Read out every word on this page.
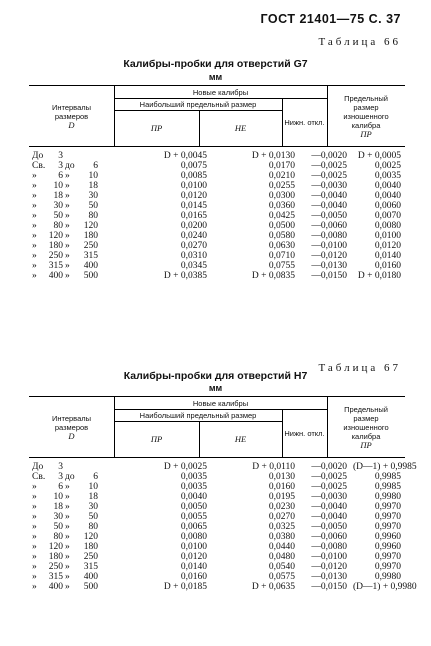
ГОСТ 21401—75 С. 37
Таблица 66
Калибры-пробки для отверстий G7
мм
Интервалы размеров
D
Новые калибры
Наибольший предельный размер
ПР	НЕ
Нижн. откл.
Предельный размер изношенного калибра
ПР
До	3	D + 0,0045	D + 0,0130	—0,0020	D + 0,0005
Св.	3 до	6	0,0075	0,0170	—0,0025	0,0025
»	6 »	10	0,0085	0,0210	—0,0025	0,0035
»	10 »	18	0,0100	0,0255	—0,0030	0,0040
»	18 »	30	0,0120	0,0300	—0,0040	0,0040
»	30 »	50	0,0145	0,0360	—0,0040	0,0060
»	50 »	80	0,0165	0,0425	—0,0050	0,0070
»	80 »	120	0,0200	0,0500	—0,0060	0,0080
»	120 »	180	0,0240	0,0580	—0,0080	0,0100
»	180 »	250	0,0270	0,0630	—0,0100	0,0120
»	250 »	315	0,0310	0,0710	—0,0120	0,0140
»	315 »	400	0,0345	0,0755	—0,0130	0,0160
»	400 »	500	D + 0,0385	D + 0,0835	—0,0150	D + 0,0180
Таблица 67
Калибры-пробки для отверстий H7
мм
Интервалы размеров
D
Новые калибры
Наибольший предельный размер
ПР	НЕ
Нижн. откл.
Предельный размер изношенного калибра
ПР
До	3	D + 0,0025	D + 0,0110	—0,0020 (D—1) + 0,9985
Св.	3 до	6	0,0035	0,0130	—0,0025	0,9985
»	6 »	10	0,0035	0,0160	—0,0025	0,9985
»	10 »	18	0,0040	0,0195	—0,0030	0,9980
»	18 »	30	0,0050	0,0230	—0,0040	0,9970
»	30 »	50	0,0055	0,0270	—0,0040	0,9970
»	50 »	80	0,0065	0,0325	—0,0050	0,9970
»	80 »	120	0,0080	0,0380	—0,0060	0,9960
»	120 »	180	0,0100	0,0440	—0,0080	0,9960
»	180 »	250	0,0120	0,0480	—0,0100	0,9970
»	250 »	315	0,0140	0,0540	—0,0120	0,9970
»	315 »	400	0,0160	0,0575	—0,0130	0,9980
»	400 »	500	D + 0,0185	D + 0,0635	—0,0150 (D—1) + 0,9980
